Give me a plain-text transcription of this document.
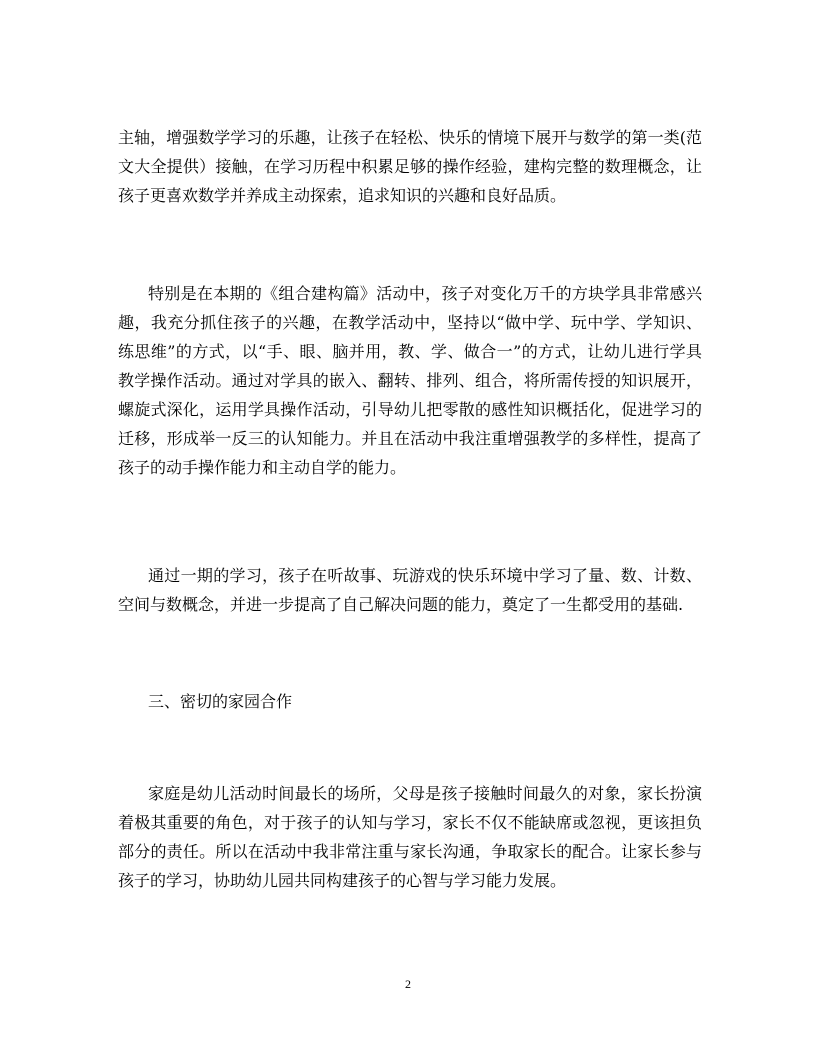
主轴，增强数学学习的乐趣，让孩子在轻松、快乐的情境下展开与数学的第一类(范文大全提供）接触，在学习历程中积累足够的操作经验，建构完整的数理概念，让孩子更喜欢数学并养成主动探索，追求知识的兴趣和良好品质。

特别是在本期的《组合建构篇》活动中，孩子对变化万千的方块学具非常感兴趣，我充分抓住孩子的兴趣，在教学活动中，坚持以“做中学、玩中学、学知识、练思维”的方式，以“手、眼、脑并用，教、学、做合一”的方式，让幼儿进行学具教学操作活动。通过对学具的嵌入、翻转、排列、组合，将所需传授的知识展开，螺旋式深化，运用学具操作活动，引导幼儿把零散的感性知识概括化，促进学习的迁移，形成举一反三的认知能力。并且在活动中我注重增强教学的多样性，提高了孩子的动手操作能力和主动自学的能力。

通过一期的学习，孩子在听故事、玩游戏的快乐环境中学习了量、数、计数、空间与数概念，并进一步提高了自己解决问题的能力，奠定了一生都受用的基础.

三、密切的家园合作

家庭是幼儿活动时间最长的场所，父母是孩子接触时间最久的对象，家长扮演着极其重要的角色，对于孩子的认知与学习，家长不仅不能缺席或忽视，更该担负部分的责任。所以在活动中我非常注重与家长沟通，争取家长的配合。让家长参与孩子的学习，协助幼儿园共同构建孩子的心智与学习能力发展。

2
